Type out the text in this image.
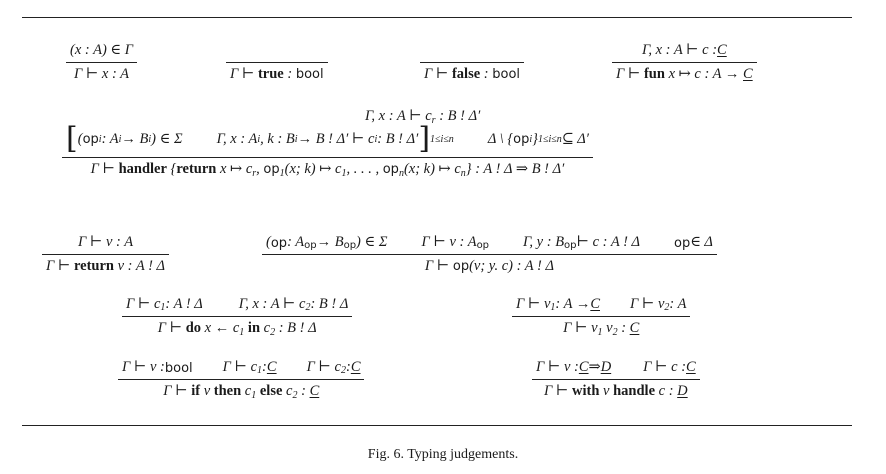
(x : A) ∈ Γ
Γ ⊢ x : A	Γ ⊢ true : bool	Γ ⊢ false : bool
Γ, x : A ⊢ c : C
Γ ⊢ fun x ↦ c : A → C
Γ, x : A ⊢ $c_r$ : B ! Δ′
[ ( op i : A i → B i ) ∈ Σ Γ, x : A i , k : B i → B ! Δ′ ⊢ c i : B ! Δ′ ] 1≤i≤n Δ \ { op i } 1≤i≤n ⊆ Δ′
Γ ⊢ handler {return x ↦ $c_r$, $op_1(x$; k) ↦ $c_1$, . . . , $op_n(x$; k) ↦ $c_n$} : A ! Δ ⇒ B ! Δ′
Γ ⊢ v : A
Γ ⊢ return v : A ! Δ
( op : A op → B op ) ∈ Σ Γ ⊢ v : A op Γ, y : B op ⊢ c : A ! Δ	op ∈ Δ
Γ ⊢ op(v; y. c) : A ! Δ
Γ ⊢ c 1 : A ! Δ Γ, x : A ⊢ c 2 : B ! Δ
Γ ⊢ do x ← $c_1$ in $c_2$ : B ! Δ
Γ ⊢ v 1 : A → C Γ ⊢ v 2 : A
Γ ⊢ $v_1$ $v_2$ : C
Γ ⊢ v : bool Γ ⊢ c 1 : C Γ ⊢ c 2 : C
Γ ⊢ if v then $c_1$ else $c_2$ : C
Γ ⊢ v : C ⇒ D Γ ⊢ c : C
Γ ⊢ with v handle c : D
Fig. 6. Typing judgements.
